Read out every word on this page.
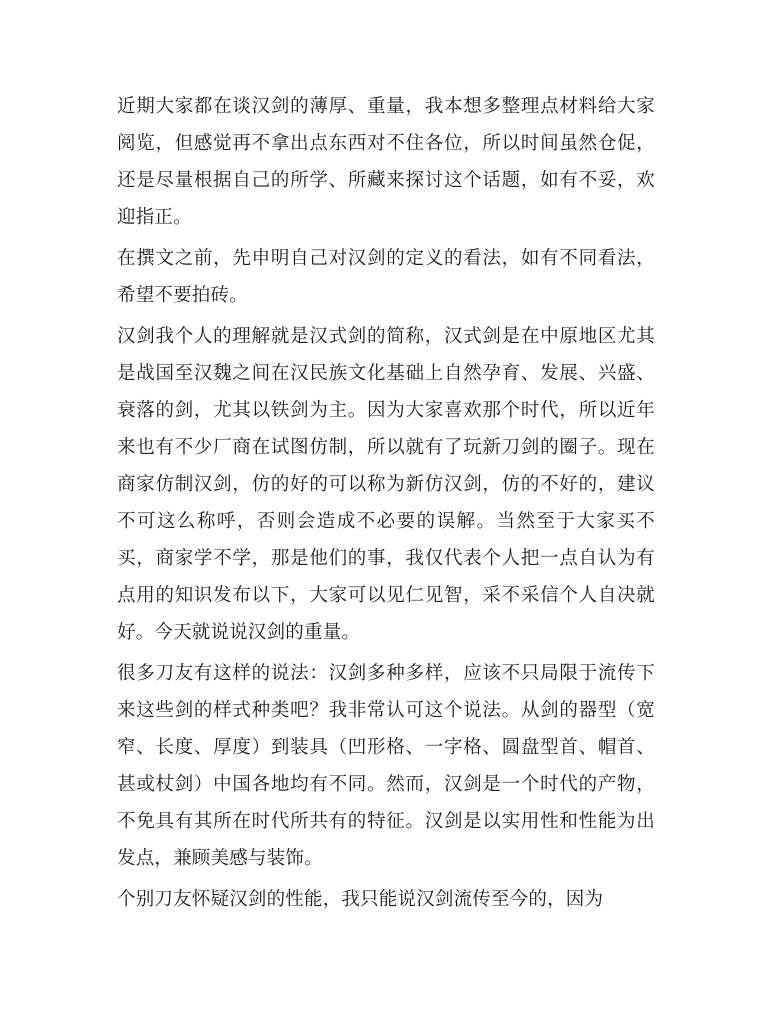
近期大家都在谈汉剑的薄厚、重量，我本想多整理点材料给大家阅览，但感觉再不拿出点东西对不住各位，所以时间虽然仓促，还是尽量根据自己的所学、所藏来探讨这个话题，如有不妥，欢迎指正。

在撰文之前，先申明自己对汉剑的定义的看法，如有不同看法，希望不要拍砖。

汉剑我个人的理解就是汉式剑的简称，汉式剑是在中原地区尤其是战国至汉魏之间在汉民族文化基础上自然孕育、发展、兴盛、衰落的剑，尤其以铁剑为主。因为大家喜欢那个时代，所以近年来也有不少厂商在试图仿制，所以就有了玩新刀剑的圈子。现在商家仿制汉剑，仿的好的可以称为新仿汉剑，仿的不好的，建议不可这么称呼，否则会造成不必要的误解。当然至于大家买不买，商家学不学，那是他们的事，我仅代表个人把一点自认为有点用的知识发布以下，大家可以见仁见智，采不采信个人自决就好。今天就说说汉剑的重量。

很多刀友有这样的说法：汉剑多种多样，应该不只局限于流传下来这些剑的样式种类吧？我非常认可这个说法。从剑的器型（宽窄、长度、厚度）到装具（凹形格、一字格、圆盘型首、帽首、甚或杖剑）中国各地均有不同。然而，汉剑是一个时代的产物，不免具有其所在时代所共有的特征。汉剑是以实用性和性能为出发点，兼顾美感与装饰。

个别刀友怀疑汉剑的性能，我只能说汉剑流传至今的，因为
